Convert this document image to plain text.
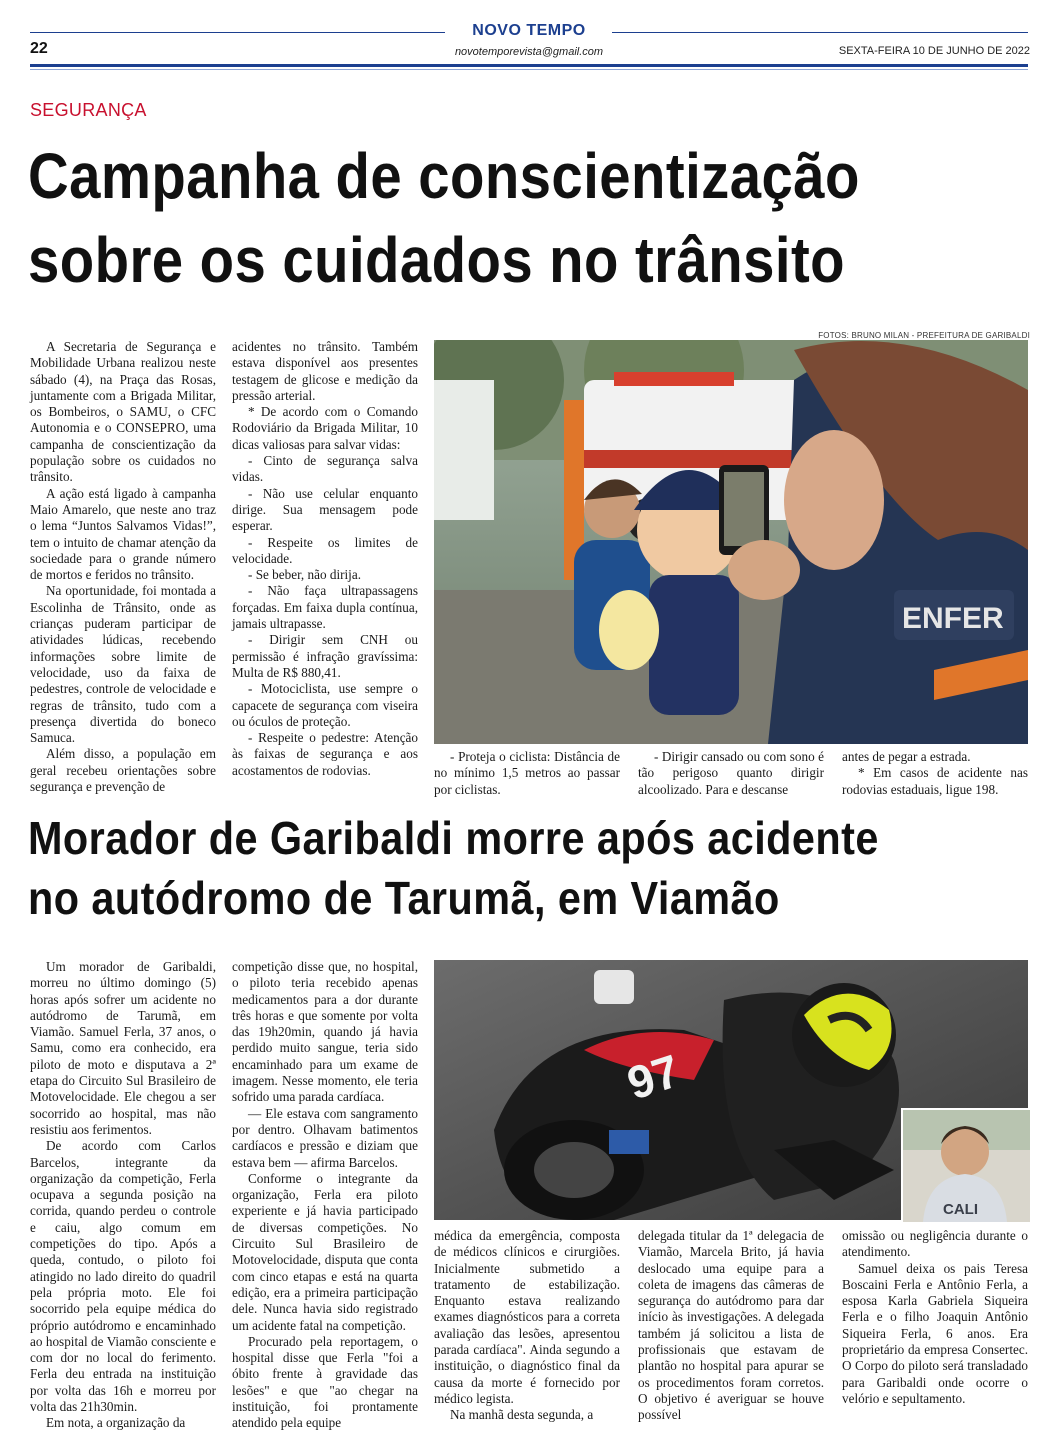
22
NOVO TEMPO
novotemporevista@gmail.com	SEXTA-FEIRA 10 DE JUNHO DE 2022
SEGURANÇA
Campanha de conscientização
sobre os cuidados no trânsito

A Secretaria de Segurança e Mobilidade Urbana realizou neste sábado (4), na Praça das Rosas, juntamente com a Brigada Militar, os Bombeiros, o SAMU, o CFC Autonomia e o CONSEPRO, uma campanha de conscientização da população sobre os cuidados no trânsito.

A ação está ligado à campanha Maio Amarelo, que neste ano traz o lema “Juntos Salvamos Vidas!”, tem o intuito de chamar atenção da sociedade para o grande número de mortos e feridos no trânsito.

Na oportunidade, foi montada a Escolinha de Trânsito, onde as crianças puderam participar de atividades lúdicas, recebendo informações sobre limite de velocidade, uso da faixa de pedestres, controle de velocidade e regras de trânsito, tudo com a presença divertida do boneco Samuca.

Além disso, a população em geral recebeu orientações sobre segurança e prevenção de

acidentes no trânsito. Também estava disponível aos presentes testagem de glicose e medição da pressão arterial.

* De acordo com o Comando Rodoviário da Brigada Militar, 10 dicas valiosas para salvar vidas:

- Cinto de segurança salva vidas.

- Não use celular enquanto dirige. Sua mensagem pode esperar.

- Respeite os limites de velocidade.

- Se beber, não dirija.

- Não faça ultrapassagens forçadas. Em faixa dupla contínua, jamais ultrapasse.

- Dirigir sem CNH ou permissão é infração gravíssima: Multa de R$ 880,41.

- Motociclista, use sempre o capacete de segurança com viseira ou óculos de proteção.

- Respeite o pedestre: Atenção às faixas de segurança e aos acostamentos de rodovias.

FOTOS: BRUNO MILAN - PREFEITURA DE GARIBALDI
ENFER

- Proteja o ciclista: Distância de no mínimo 1,5 metros ao passar por ciclistas.

- Dirigir cansado ou com sono é tão perigoso quanto dirigir alcoolizado. Para e descanse

antes de pegar a estrada.

* Em casos de acidente nas rodovias estaduais, ligue 198.

Morador de Garibaldi morre após acidente
no autódromo de Tarumã, em Viamão

Um morador de Garibaldi, morreu no último domingo (5) horas após sofrer um acidente no autódromo de Tarumã, em Viamão. Samuel Ferla, 37 anos, o Samu, como era conhecido, era piloto de moto e disputava a 2ª etapa do Circuito Sul Brasileiro de Motovelocidade. Ele chegou a ser socorrido ao hospital, mas não resistiu aos ferimentos.

De acordo com Carlos Barcelos, integrante da organização da competição, Ferla ocupava a segunda posição na corrida, quando perdeu o controle e caiu, algo comum em competições do tipo. Após a queda, contudo, o piloto foi atingido no lado direito do quadril pela própria moto. Ele foi socorrido pela equipe médica do próprio autódromo e encaminhado ao hospital de Viamão consciente e com dor no local do ferimento. Ferla deu entrada na instituição por volta das 16h e morreu por volta das 21h30min.

Em nota, a organização da

competição disse que, no hospital, o piloto teria recebido apenas medicamentos para a dor durante três horas e que somente por volta das 19h20min, quando já havia perdido muito sangue, teria sido encaminhado para um exame de imagem. Nesse momento, ele teria sofrido uma parada cardíaca.

— Ele estava com sangramento por dentro. Olhavam batimentos cardíacos e pressão e diziam que estava bem — afirma Barcelos.

Conforme o integrante da organização, Ferla era piloto experiente e já havia participado de diversas competições. No Circuito Sul Brasileiro de Motovelocidade, disputa que conta com cinco etapas e está na quarta edição, era a primeira participação dele. Nunca havia sido registrado um acidente fatal na competição.

Procurado pela reportagem, o hospital disse que Ferla "foi a óbito frente à gravidade das lesões" e que "ao chegar na instituição, foi prontamente atendido pela equipe

97
CALI

médica da emergência, composta de médicos clínicos e cirurgiões. Inicialmente submetido a tratamento de estabilização. Enquanto estava realizando exames diagnósticos para a correta avaliação das lesões, apresentou parada cardíaca". Ainda segundo a instituição, o diagnóstico final da causa da morte é fornecido por médico legista.

Na manhã desta segunda, a

delegada titular da 1ª delegacia de Viamão, Marcela Brito, já havia deslocado uma equipe para a coleta de imagens das câmeras de segurança do autódromo para dar início às investigações. A delegada também já solicitou a lista de profissionais que estavam de plantão no hospital para apurar se os procedimentos foram corretos. O objetivo é averiguar se houve possível

omissão ou negligência durante o atendimento.

Samuel deixa os pais Teresa Boscaini Ferla e Antônio Ferla, a esposa Karla Gabriela Siqueira Ferla e o filho Joaquin Antônio Siqueira Ferla, 6 anos. Era proprietário da empresa Consertec. O Corpo do piloto será transladado para Garibaldi onde ocorre o velório e sepultamento.
